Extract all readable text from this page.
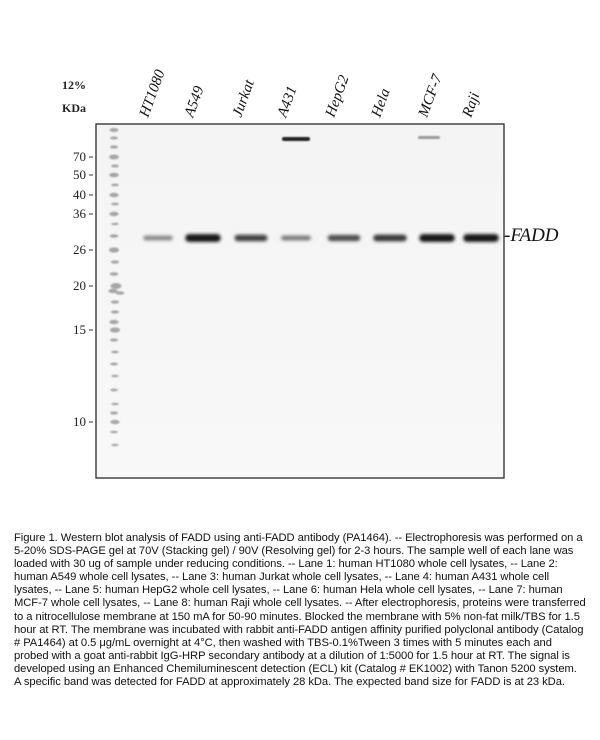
12%
KDa	HT1080 A549 Jurkat A431 HepG2 Hela MCF-7 Raji
70
50
40
36
26
20
15
10
-FADD

Figure 1. Western blot analysis of FADD using anti-FADD antibody (PA1464). -- Electrophoresis was performed on a 5-20% SDS-PAGE gel at 70V (Stacking gel) / 90V (Resolving gel) for 2-3 hours. The sample well of each lane was loaded with 30 ug of sample under reducing conditions. -- Lane 1: human HT1080 whole cell lysates, -- Lane 2: human A549 whole cell lysates, -- Lane 3: human Jurkat whole cell lysates, -- Lane 4: human A431 whole cell lysates, -- Lane 5: human HepG2 whole cell lysates, -- Lane 6: human Hela whole cell lysates, -- Lane 7: human MCF-7 whole cell lysates, -- Lane 8: human Raji whole cell lysates. -- After electrophoresis, proteins were transferred to a nitrocellulose membrane at 150 mA for 50-90 minutes. Blocked the membrane with 5% non-fat milk/TBS for 1.5 hour at RT. The membrane was incubated with rabbit anti-FADD antigen affinity purified polyclonal antibody (Catalog # PA1464) at 0.5 μg/mL overnight at 4°C, then washed with TBS-0.1%Tween 3 times with 5 minutes each and probed with a goat anti-rabbit IgG-HRP secondary antibody at a dilution of 1:5000 for 1.5 hour at RT. The signal is developed using an Enhanced Chemiluminescent detection (ECL) kit (Catalog # EK1002) with Tanon 5200 system. A specific band was detected for FADD at approximately 28 kDa. The expected band size for FADD is at 23 kDa.
